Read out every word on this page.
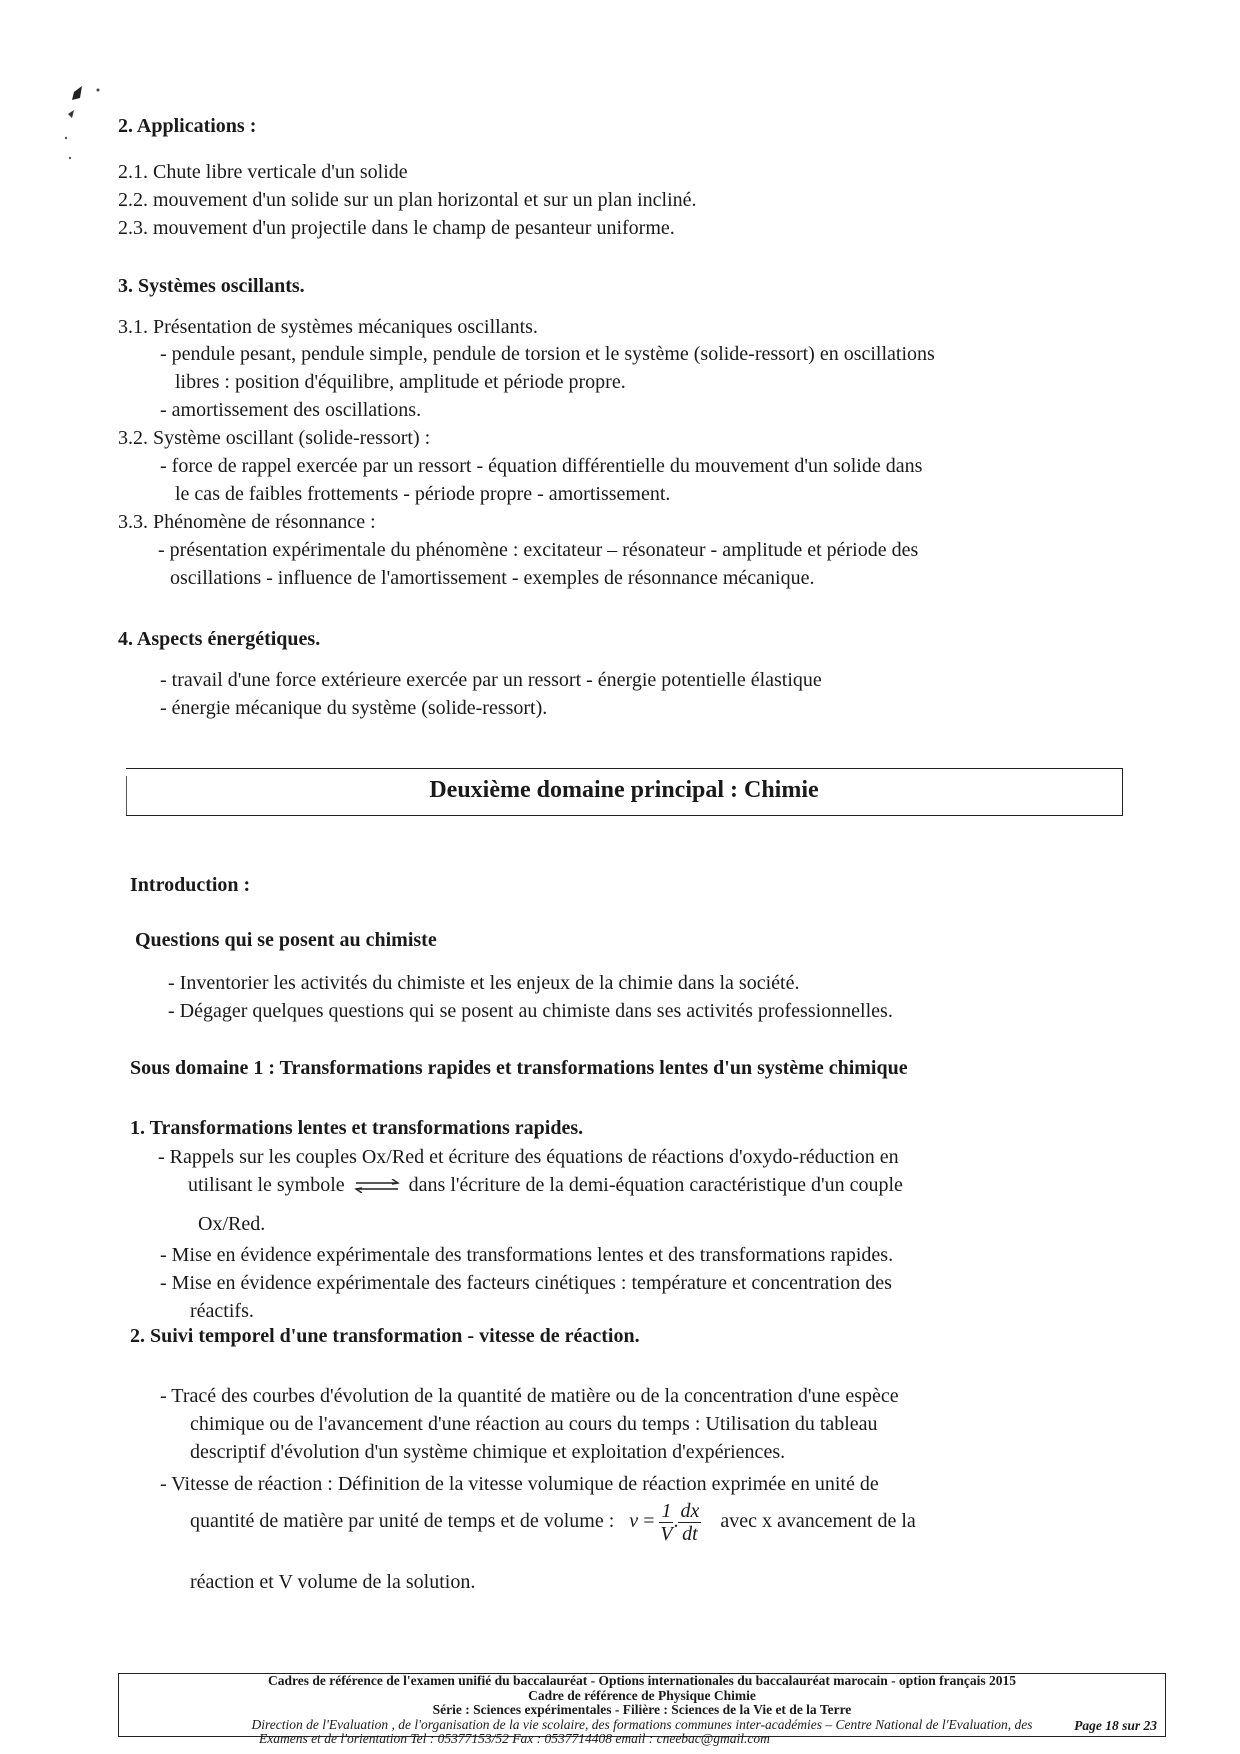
2. Applications :
2.1. Chute libre verticale d'un solide
2.2. mouvement d'un solide sur un plan horizontal et sur un plan incliné.
2.3. mouvement d'un projectile dans le champ de pesanteur uniforme.
3. Systèmes oscillants.
3.1. Présentation de systèmes mécaniques oscillants.
- pendule pesant, pendule simple, pendule de torsion et le système (solide-ressort) en oscillations
libres : position d'équilibre, amplitude et période propre.
- amortissement des oscillations.
3.2. Système oscillant (solide-ressort) :
- force de rappel exercée par un ressort - équation différentielle du mouvement d'un solide dans
le cas de faibles frottements - période propre - amortissement.
3.3. Phénomène de résonnance :
- présentation expérimentale du phénomène : excitateur – résonateur - amplitude et période des
oscillations - influence de l'amortissement - exemples de résonnance mécanique.
4. Aspects énergétiques.
- travail d'une force extérieure exercée par un ressort - énergie potentielle élastique
- énergie mécanique du système (solide-ressort).
Deuxième domaine principal : Chimie
Introduction :
Questions qui se posent au chimiste
- Inventorier les activités du chimiste et les enjeux de la chimie dans la société.
- Dégager quelques questions qui se posent au chimiste dans ses activités professionnelles.
Sous domaine 1 : Transformations rapides et transformations lentes d'un système chimique
1. Transformations lentes et transformations rapides.
- Rappels sur les couples Ox/Red et écriture des équations de réactions d'oxydo-réduction en
utilisant le symbole ⇌ dans l'écriture de la demi-équation caractéristique d'un couple
Ox/Red.
- Mise en évidence expérimentale des transformations lentes et des transformations rapides.
- Mise en évidence expérimentale des facteurs cinétiques : température et concentration des
réactifs.
2. Suivi temporel d'une transformation - vitesse de réaction.
- Tracé des courbes d'évolution de la quantité de matière ou de la concentration d'une espèce
chimique ou de l'avancement d'une réaction au cours du temps : Utilisation du tableau
descriptif d'évolution d'un système chimique et exploitation d'expériences.
- Vitesse de réaction : Définition de la vitesse volumique de réaction exprimée en unité de
quantité de matière par unité de temps et de volume : $v = \frac{1}{V}$ . $\frac{dx}{dt}$ avec x avancement de la
réaction et V volume de la solution.
Cadres de référence de l'examen unifié du baccalauréat - Options internationales du baccalauréat marocain - option français 2015
Cadre de référence de Physique Chimie
Série : Sciences expérimentales - Filière : Sciences de la Vie et de la Terre
Direction de l'Evaluation , de l'organisation de la vie scolaire, des formations communes inter-académies – Centre National de l'Evaluation, des
Examens et de l'orientation Tel : 05377153/52 Fax : 0537714408 email : cneebac@gmail.com
Page 18 sur 23
